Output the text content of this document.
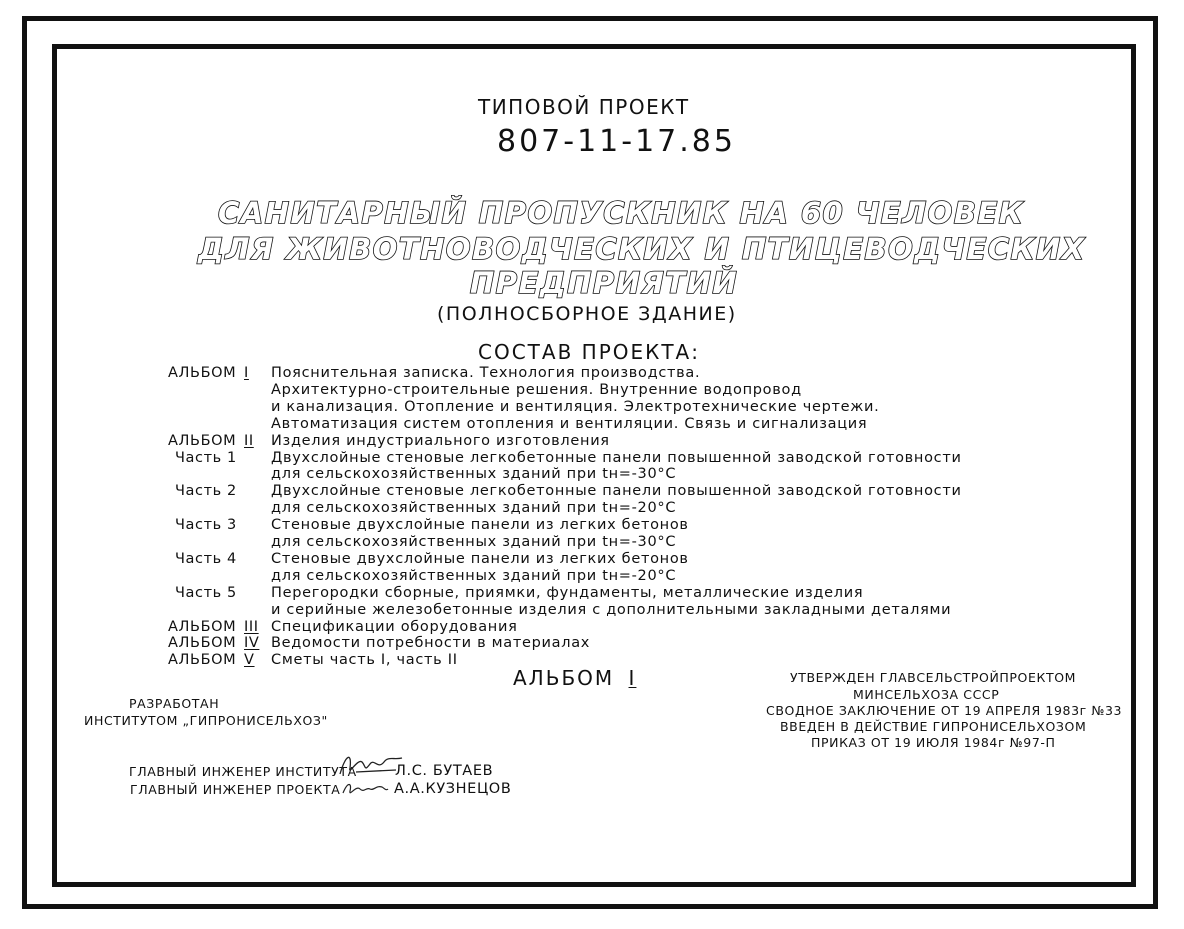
ТИПОВОЙ ПРОЕКТ
807-11-17.85
САНИТАРНЫЙ ПРОПУСКНИК НА 60 ЧЕЛОВЕК
ДЛЯ ЖИВОТНОВОДЧЕСКИХ И ПТИЦЕВОДЧЕСКИХ
ПРЕДПРИЯТИЙ
(ПОЛНОСБОРНОЕ ЗДАНИЕ)
СОСТАВ ПРОЕКТА:
АЛЬБОМ I Пояснительная записка. Технология производства.
Архитектурно-строительные решения. Внутренние водопровод
и канализация. Отопление и вентиляция. Электротехнические чертежи.
Автоматизация систем отопления и вентиляции. Связь и сигнализация
АЛЬБОМ II Изделия индустриального изготовления
Часть 1 Двухслойные стеновые легкобетонные панели повышенной заводской готовности
для сельскохозяйственных зданий при tн=-30°С
Часть 2 Двухслойные стеновые легкобетонные панели повышенной заводской готовности
для сельскохозяйственных зданий при tн=-20°С
Часть 3 Стеновые двухслойные панели из легких бетонов
для сельскохозяйственных зданий при tн=-30°С
Часть 4 Стеновые двухслойные панели из легких бетонов
для сельскохозяйственных зданий при tн=-20°С
Часть 5 Перегородки сборные, приямки, фундаменты, металлические изделия
и серийные железобетонные изделия с дополнительными закладными деталями
АЛЬБОМ III Спецификации оборудования
АЛЬБОМ IV Ведомости потребности в материалах
АЛЬБОМ V Сметы часть I, часть II
АЛЬБОМ I
РАЗРАБОТАН
ИНСТИТУТОМ „ГИПРОНИСЕЛЬХОЗ"
УТВЕРЖДЕН ГЛАВСЕЛЬСТРОЙПРОЕКТОМ
МИНСЕЛЬХОЗА СССР
СВОДНОЕ ЗАКЛЮЧЕНИЕ ОТ 19 АПРЕЛЯ 1983г №33
ВВЕДЕН В ДЕЙСТВИЕ ГИПРОНИСЕЛЬХОЗОМ
ПРИКАЗ ОТ 19 ИЮЛЯ 1984г №97-П
ГЛАВНЫЙ ИНЖЕНЕР ИНСТИТУТА
ГЛАВНЫЙ ИНЖЕНЕР ПРОЕКТА
Л.С. БУТАЕВ
А.А.КУЗНЕЦОВ
